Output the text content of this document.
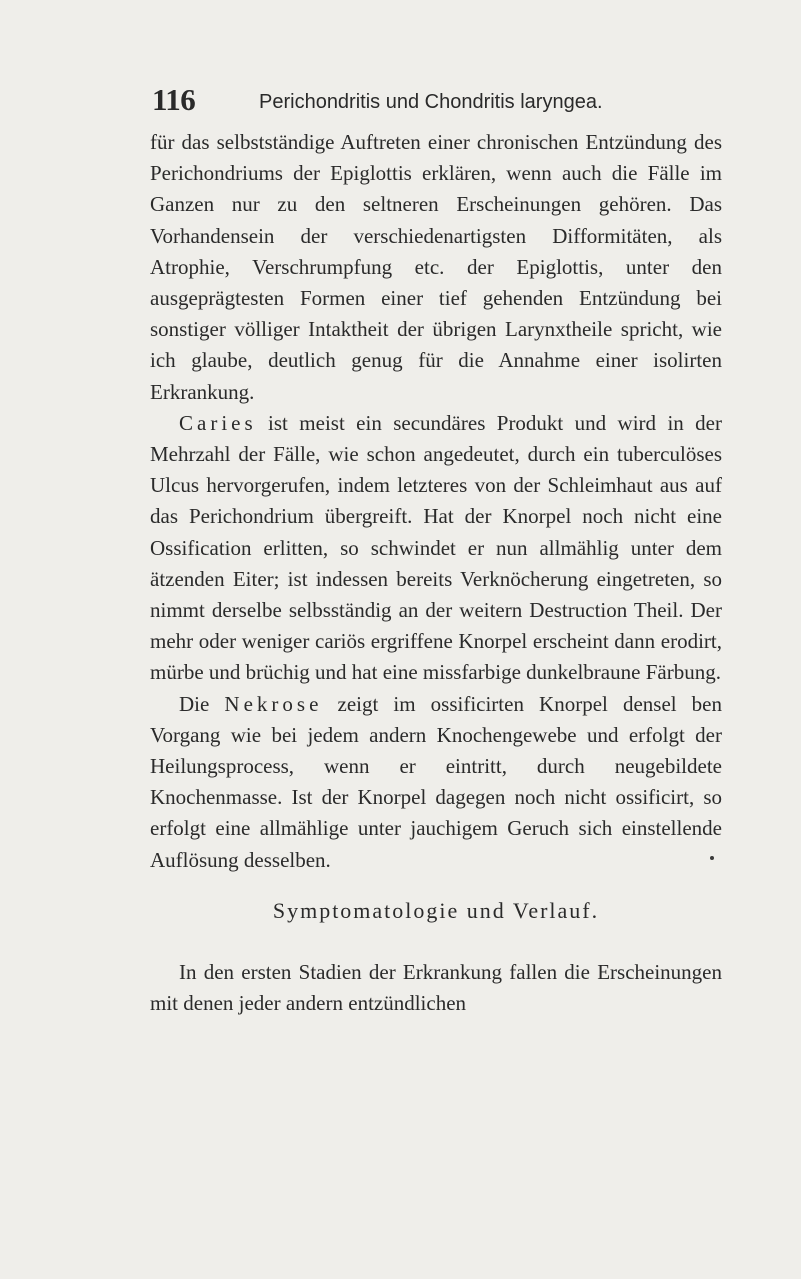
116	Perichondritis und Chondritis laryngea.

für das selbstständige Auftreten einer chronischen Entzündung des Perichondriums der Epiglottis erklären, wenn auch die Fälle im Ganzen nur zu den seltneren Erscheinungen gehören. Das Vorhandensein der verschiedenartigsten Difformitäten, als Atrophie, Verschrumpfung etc. der Epiglottis, unter den ausgeprägtesten Formen einer tief gehenden Entzündung bei sonstiger völliger Intaktheit der übrigen Larynxtheile spricht, wie ich glaube, deutlich genug für die Annahme einer isolirten Erkrankung.

Caries ist meist ein secundäres Produkt und wird in der Mehrzahl der Fälle, wie schon angedeutet, durch ein tuberculöses Ulcus hervorgerufen, indem letzteres von der Schleimhaut aus auf das Perichondrium übergreift. Hat der Knorpel noch nicht eine Ossification erlitten, so schwindet er nun allmählig unter dem ätzenden Eiter; ist indessen bereits Verknöcherung eingetreten, so nimmt derselbe selbsständig an der weitern Destruction Theil. Der mehr oder weniger cariös ergriffene Knorpel erscheint dann erodirt, mürbe und brüchig und hat eine missfarbige dunkelbraune Färbung.

Die Nekrose zeigt im ossificirten Knorpel densel ben Vorgang wie bei jedem andern Knochengewebe und erfolgt der Heilungsprocess, wenn er eintritt, durch neugebildete Knochenmasse. Ist der Knorpel dagegen noch nicht ossificirt, so erfolgt eine allmählige unter jauchigem Geruch sich einstellende Auflösung desselben.

Symptomatologie und Verlauf.

In den ersten Stadien der Erkrankung fallen die Erscheinungen mit denen jeder andern entzündlichen
